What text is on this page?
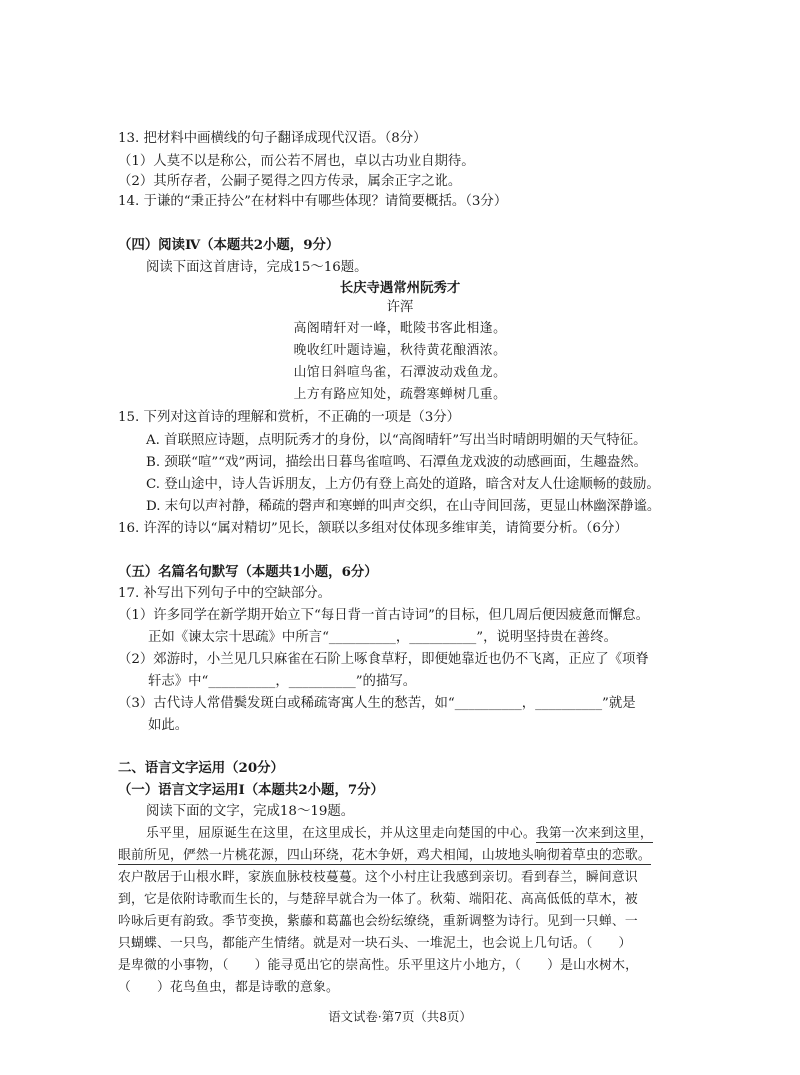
13. 把材料中画横线的句子翻译成现代汉语。（8分）
（1）人莫不以是称公，而公若不屑也，卓以古功业自期待。
（2）其所存者，公嗣子冕得之四方传录，属余正字之讹。
14. 于谦的“秉正持公”在材料中有哪些体现？请简要概括。（3分）
（四）阅读Ⅳ（本题共2小题，9分）
阅读下面这首唐诗，完成15～16题。
长庆寺遇常州阮秀才
许浑
高阁晴轩对一峰，毗陵书客此相逢。
晚收红叶题诗遍，秋待黄花酿酒浓。
山馆日斜喧鸟雀，石潭波动戏鱼龙。
上方有路应知处，疏磬寒蝉树几重。
15. 下列对这首诗的理解和赏析，不正确的一项是（3分）
A. 首联照应诗题，点明阮秀才的身份，以“高阁晴轩”写出当时晴朗明媚的天气特征。
B. 颈联“喧”“戏”两词，描绘出日暮鸟雀喧鸣、石潭鱼龙戏波的动感画面，生趣盎然。
C. 登山途中，诗人告诉朋友，上方仍有登上高处的道路，暗含对友人仕途顺畅的鼓励。
D. 末句以声衬静，稀疏的磬声和寒蝉的叫声交织，在山寺间回荡，更显山林幽深静谧。
16. 许浑的诗以“属对精切”见长，颔联以多组对仗体现多维审美，请简要分析。（6分）
（五）名篇名句默写（本题共1小题，6分）
17. 补写出下列句子中的空缺部分。
（1）许多同学在新学期开始立下“每日背一首古诗词”的目标，但几周后便因疲惫而懈怠。
正如《谏太宗十思疏》中所言“__________，__________”，说明坚持贵在善终。
（2）郊游时，小兰见几只麻雀在石阶上啄食草籽，即便她靠近也仍不飞离，正应了《项脊
轩志》中“__________，__________”的描写。
（3）古代诗人常借鬓发斑白或稀疏寄寓人生的愁苦，如“__________，__________”就是
如此。
二、语言文字运用（20分）
（一）语言文字运用Ⅰ（本题共2小题，7分）
阅读下面的文字，完成18～19题。
乐平里，屈原诞生在这里，在这里成长，并从这里走向楚国的中心。我第一次来到这里，
眼前所见，俨然一片桃花源，四山环绕，花木争妍，鸡犬相闻，山坡地头响彻着草虫的恋歌。
农户散居于山根水畔，家族血脉枝枝蔓蔓。这个小村庄让我感到亲切。看到春兰，瞬间意识
到，它是依附诗歌而生长的，与楚辞早就合为一体了。秋菊、端阳花、高高低低的草木，被
吟咏后更有韵致。季节变换，紫藤和葛藟也会纷纭缭绕，重新调整为诗行。见到一只蝉、一
只蝴蝶、一只鸟，都能产生情绪。就是对一块石头、一堆泥土，也会说上几句话。（　　）
是卑微的小事物，（　　）能寻觅出它的崇高性。乐平里这片小地方，（　　）是山水树木，
（　　）花鸟鱼虫，都是诗歌的意象。
语文试卷·第7页（共8页）
